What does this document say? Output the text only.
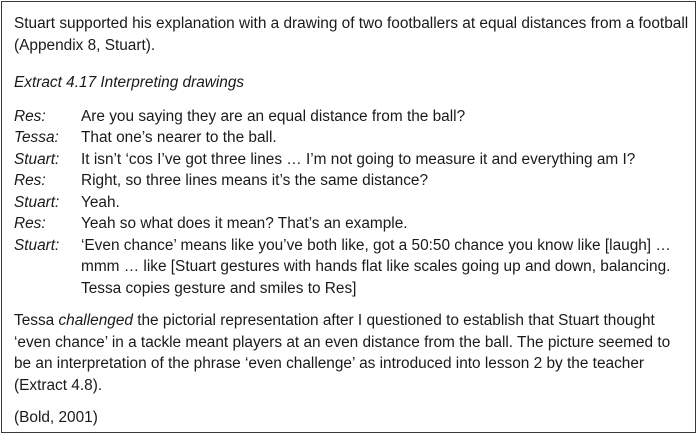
Stuart supported his explanation with a drawing of two footballers at equal distances from a football (Appendix 8, Stuart).

Extract 4.17 Interpreting drawings

Res:	Are you saying they are an equal distance from the ball?
Tessa:	That one’s nearer to the ball.
Stuart:	It isn’t ‘cos I’ve got three lines … I’m not going to measure it and everything am I?
Res:	Right, so three lines means it’s the same distance?
Stuart:	Yeah.
Res:	Yeah so what does it mean? That’s an example.
Stuart:	‘Even chance’ means like you’ve both like, got a 50:50 chance you know like [laugh] … mmm … like [Stuart gestures with hands flat like scales going up and down, balancing. Tessa copies gesture and smiles to Res]

Tessa challenged the pictorial representation after I questioned to establish that Stuart thought ‘even chance’ in a tackle meant players at an even distance from the ball. The picture seemed to be an interpretation of the phrase ‘even challenge’ as introduced into lesson 2 by the teacher (Extract 4.8).

(Bold, 2001)
